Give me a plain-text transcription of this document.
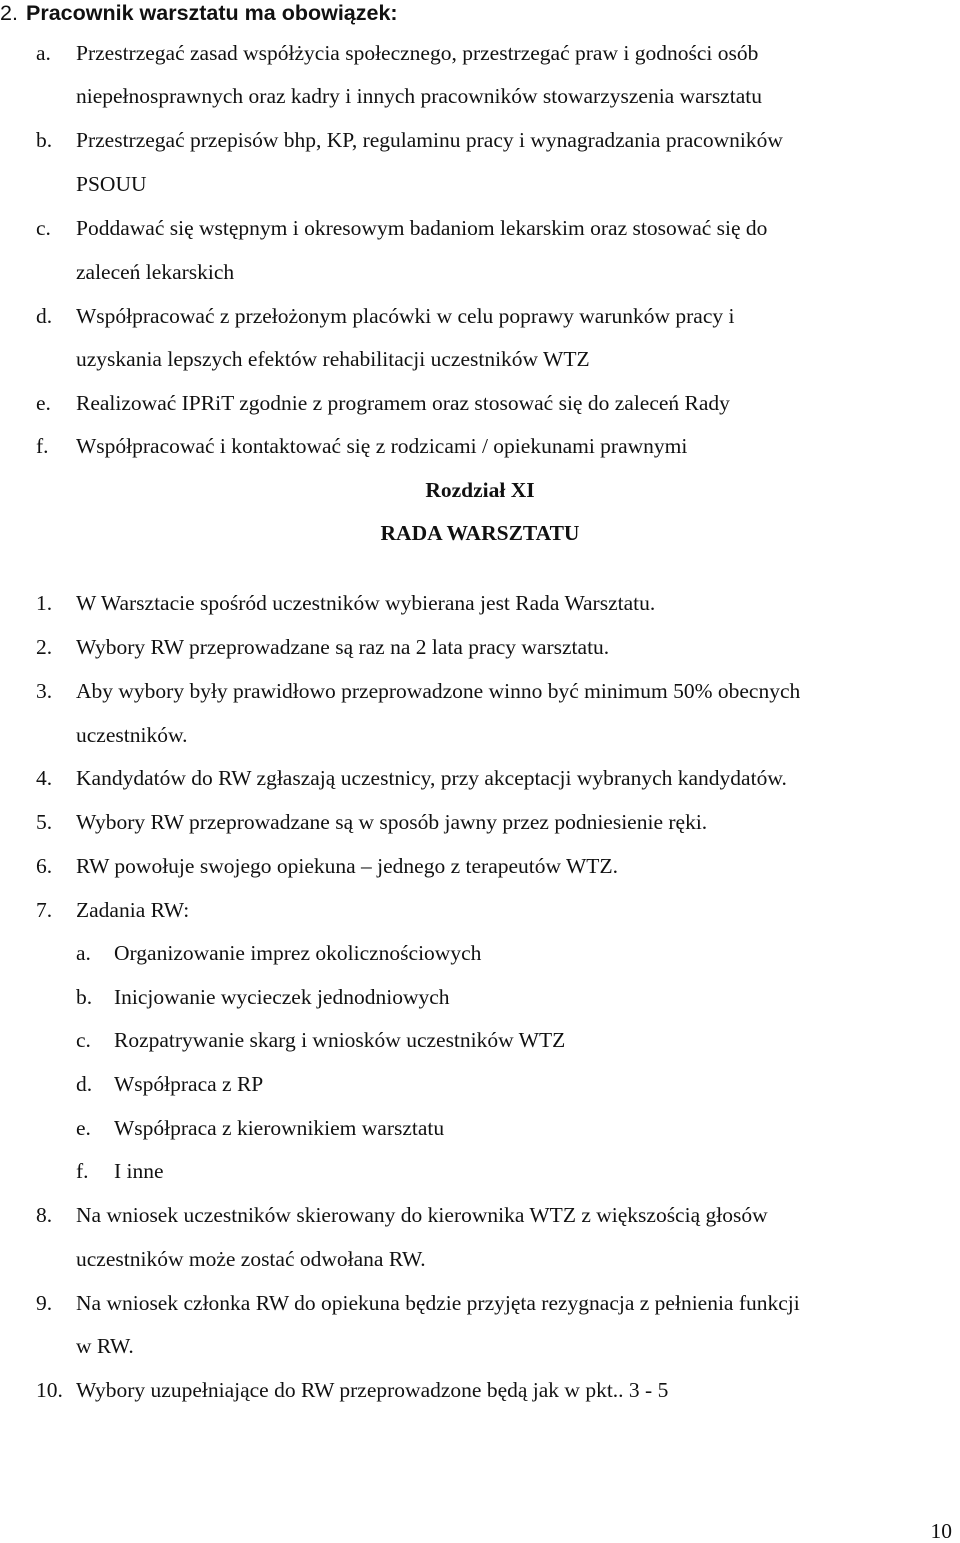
2. Pracownik warsztatu ma obowiązek:
a. Przestrzegać zasad współżycia społecznego, przestrzegać praw i godności osób
niepełnosprawnych oraz kadry i innych pracowników stowarzyszenia warsztatu
b. Przestrzegać przepisów bhp, KP, regulaminu pracy i wynagradzania pracowników
PSOUU
c. Poddawać się wstępnym i okresowym badaniom lekarskim oraz stosować się do
zaleceń lekarskich
d. Współpracować z przełożonym placówki w celu poprawy warunków pracy i
uzyskania lepszych efektów rehabilitacji uczestników WTZ
e. Realizować IPRiT zgodnie z programem oraz stosować się do zaleceń Rady
f. Współpracować i kontaktować się z rodzicami / opiekunami prawnymi
Rozdział XI
RADA WARSZTATU
1. W Warsztacie spośród uczestników wybierana jest Rada Warsztatu.
2. Wybory RW przeprowadzane są raz na 2 lata pracy warsztatu.
3. Aby wybory były prawidłowo przeprowadzone winno być minimum 50% obecnych
uczestników.
4. Kandydatów do RW zgłaszają uczestnicy, przy akceptacji wybranych kandydatów.
5. Wybory RW przeprowadzane są w sposób jawny przez podniesienie ręki.
6. RW powołuje swojego opiekuna – jednego z terapeutów WTZ.
7. Zadania RW:
a. Organizowanie imprez okolicznościowych
b. Inicjowanie wycieczek jednodniowych
c. Rozpatrywanie skarg i wniosków uczestników WTZ
d. Współpraca z RP
e. Współpraca z kierownikiem warsztatu
f. I inne
8. Na wniosek uczestników skierowany do kierownika WTZ z większością głosów
uczestników może zostać odwołana RW.
9. Na wniosek członka RW do opiekuna będzie przyjęta rezygnacja z pełnienia funkcji
w RW.
10. Wybory uzupełniające do RW przeprowadzone będą jak w pkt.. 3 - 5
10
